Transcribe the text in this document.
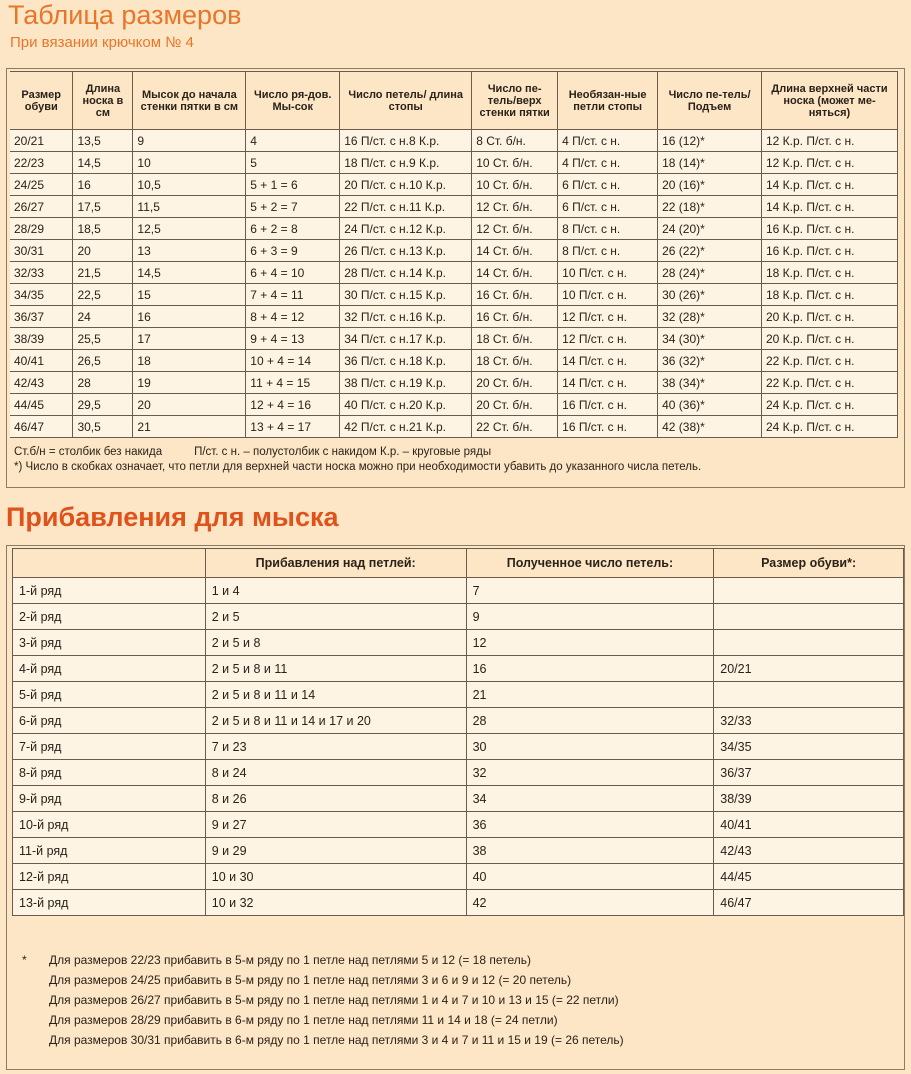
Таблица размеров
При вязании крючком № 4
Размер обуви	Длина носка в см	Мысок до начала стенки пятки в см	Число ря-дов. Мы-сок	Число петель/ длина стопы	Число пе-тель/верх стенки пятки	Необязан-ные петли стопы	Число пе-тель/ Подъем	Длина верхней части носка (может ме-няться)
20/21	13,5	9	4	16 П/ст. с н.8 К.р.	8 Ст. б/н.	4 П/ст. с н.	16 (12)*	12 К.р. П/ст. с н.
22/23	14,5	10	5	18 П/ст. с н.9 К.р.	10 Ст. б/н.	4 П/ст. с н.	18 (14)*	12 К.р. П/ст. с н.
24/25	16	10,5	5 + 1 = 6	20 П/ст. с н.10 К.р.	10 Ст. б/н.	6 П/ст. с н.	20 (16)*	14 К.р. П/ст. с н.
26/27	17,5	11,5	5 + 2 = 7	22 П/ст. с н.11 К.р.	12 Ст. б/н.	6 П/ст. с н.	22 (18)*	14 К.р. П/ст. с н.
28/29	18,5	12,5	6 + 2 = 8	24 П/ст. с н.12 К.р.	12 Ст. б/н.	8 П/ст. с н.	24 (20)*	16 К.р. П/ст. с н.
30/31	20	13	6 + 3 = 9	26 П/ст. с н.13 К.р.	14 Ст. б/н.	8 П/ст. с н.	26 (22)*	16 К.р. П/ст. с н.
32/33	21,5	14,5	6 + 4 = 10	28 П/ст. с н.14 К.р.	14 Ст. б/н.	10 П/ст. с н.	28 (24)*	18 К.р. П/ст. с н.
34/35	22,5	15	7 + 4 = 11	30 П/ст. с н.15 К.р.	16 Ст. б/н.	10 П/ст. с н.	30 (26)*	18 К.р. П/ст. с н.
36/37	24	16	8 + 4 = 12	32 П/ст. с н.16 К.р.	16 Ст. б/н.	12 П/ст. с н.	32 (28)*	20 К.р. П/ст. с н.
38/39	25,5	17	9 + 4 = 13	34 П/ст. с н.17 К.р.	18 Ст. б/н.	12 П/ст. с н.	34 (30)*	20 К.р. П/ст. с н.
40/41	26,5	18	10 + 4 = 14	36 П/ст. с н.18 К.р.	18 Ст. б/н.	14 П/ст. с н.	36 (32)*	22 К.р. П/ст. с н.
42/43	28	19	11 + 4 = 15	38 П/ст. с н.19 К.р.	20 Ст. б/н.	14 П/ст. с н.	38 (34)*	22 К.р. П/ст. с н.
44/45	29,5	20	12 + 4 = 16	40 П/ст. с н.20 К.р.	20 Ст. б/н.	16 П/ст. с н.	40 (36)*	24 К.р. П/ст. с н.
46/47	30,5	21	13 + 4 = 17	42 П/ст. с н.21 К.р.	22 Ст. б/н.	16 П/ст. с н.	42 (38)*	24 К.р. П/ст. с н.
Ст.б/н = столбик без накида	П/ст. с н. – полустолбик с накидом К.р. – круговые ряды
*) Число в скобках означает, что петли для верхней части носка можно при необходимости убавить до указанного числа петель.
Прибавления для мыска
	Прибавления над петлей:	Полученное число петель:	Размер обуви*:
1-й ряд	1 и 4	7	
2-й ряд	2 и 5	9	
3-й ряд	2 и 5 и 8	12	
4-й ряд	2 и 5 и 8 и 11	16	20/21
5-й ряд	2 и 5 и 8 и 11 и 14	21	
6-й ряд	2 и 5 и 8 и 11 и 14 и 17 и 20	28	32/33
7-й ряд	7 и 23	30	34/35
8-й ряд	8 и 24	32	36/37
9-й ряд	8 и 26	34	38/39
10-й ряд	9 и 27	36	40/41
11-й ряд	9 и 29	38	42/43
12-й ряд	10 и 30	40	44/45
13-й ряд	10 и 32	42	46/47
* Для размеров 22/23 прибавить в 5-м ряду по 1 петле над петлями 5 и 12 (= 18 петель)
Для размеров 24/25 прибавить в 5-м ряду по 1 петле над петлями 3 и 6 и 9 и 12 (= 20 петель)
Для размеров 26/27 прибавить в 5-м ряду по 1 петле над петлями 1 и 4 и 7 и 10 и 13 и 15 (= 22 петли)
Для размеров 28/29 прибавить в 6-м ряду по 1 петле над петлями 11 и 14 и 18 (= 24 петли)
Для размеров 30/31 прибавить в 6-м ряду по 1 петле над петлями 3 и 4 и 7 и 11 и 15 и 19 (= 26 петель)
